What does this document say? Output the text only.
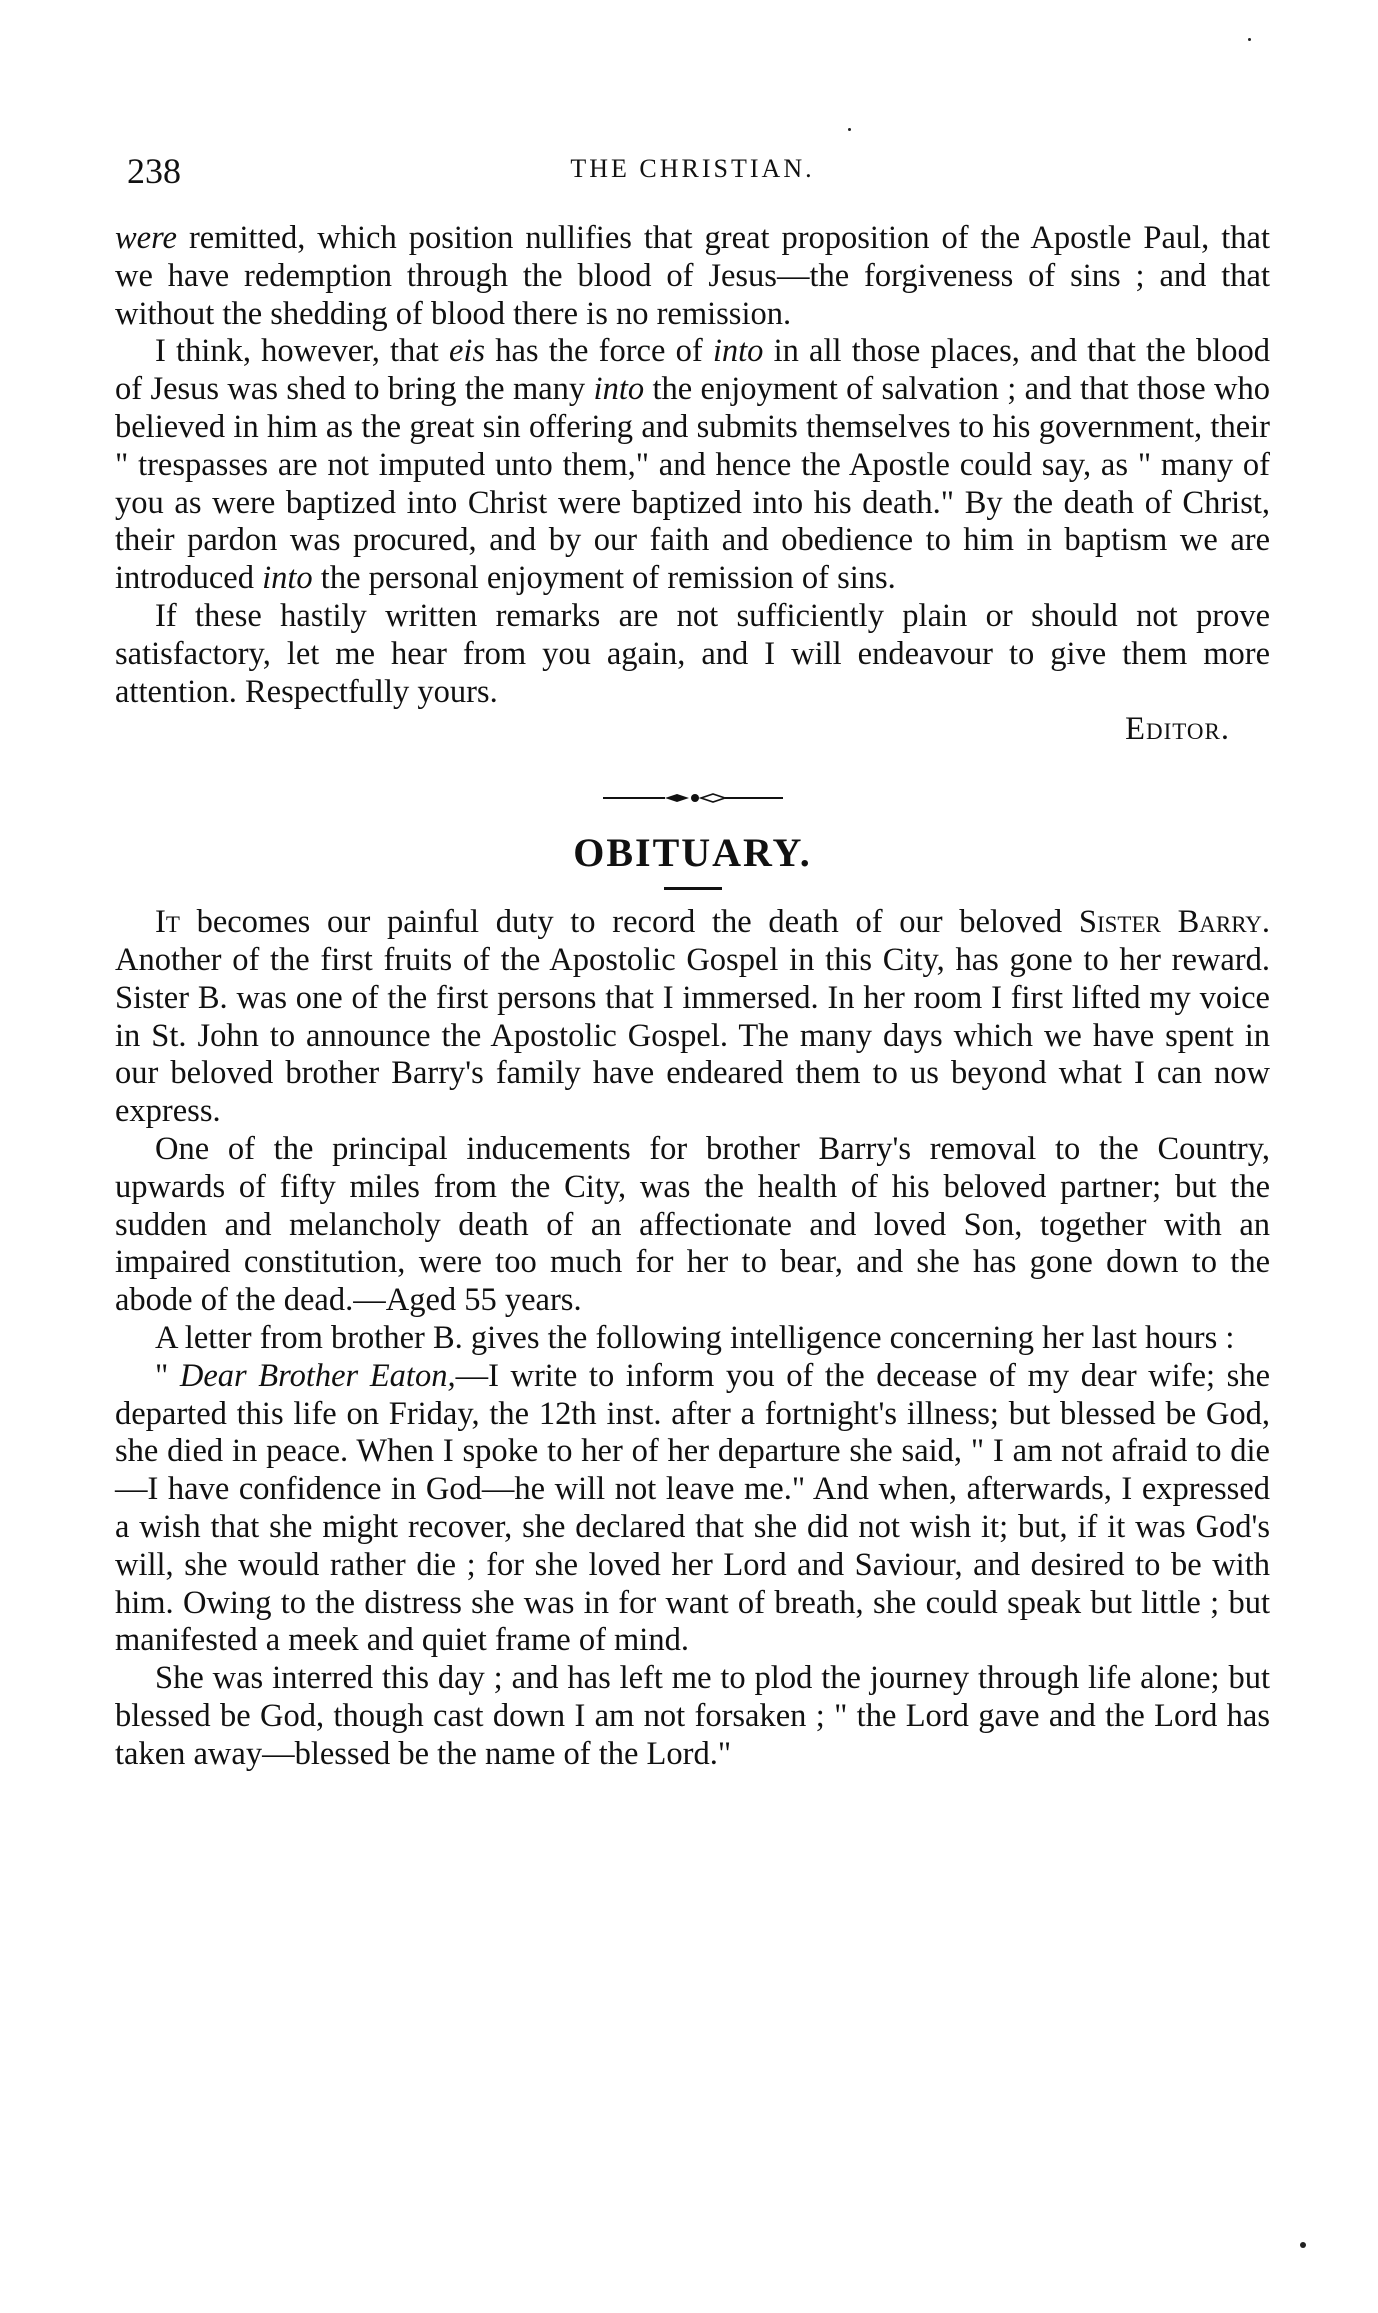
238	THE CHRISTIAN.

were remitted, which position nullifies that great proposition of the Apostle Paul, that we have redemption through the blood of Jesus—the forgiveness of sins ; and that without the shedding of blood there is no remission.

I think, however, that eis has the force of into in all those places, and that the blood of Jesus was shed to bring the many into the enjoyment of salvation ; and that those who believed in him as the great sin offering and submits themselves to his government, their " trespasses are not imputed unto them," and hence the Apostle could say, as " many of you as were baptized into Christ were baptized into his death." By the death of Christ, their pardon was procured, and by our faith and obedience to him in baptism we are introduced into the personal enjoyment of remission of sins.

If these hastily written remarks are not sufficiently plain or should not prove satisfactory, let me hear from you again, and I will endeavour to give them more attention. Respectfully yours.

Editor.
OBITUARY.

It becomes our painful duty to record the death of our beloved Sister Barry. Another of the first fruits of the Apostolic Gospel in this City, has gone to her reward. Sister B. was one of the first persons that I immersed. In her room I first lifted my voice in St. John to announce the Apostolic Gospel. The many days which we have spent in our beloved brother Barry's family have endeared them to us beyond what I can now express.

One of the principal inducements for brother Barry's removal to the Country, upwards of fifty miles from the City, was the health of his beloved partner; but the sudden and melancholy death of an affectionate and loved Son, together with an impaired constitution, were too much for her to bear, and she has gone down to the abode of the dead.—Aged 55 years.

A letter from brother B. gives the following intelligence concerning her last hours :

" Dear Brother Eaton,—I write to inform you of the decease of my dear wife; she departed this life on Friday, the 12th inst. after a fortnight's illness; but blessed be God, she died in peace. When I spoke to her of her departure she said, " I am not afraid to die—I have confidence in God—he will not leave me." And when, afterwards, I expressed a wish that she might recover, she declared that she did not wish it; but, if it was God's will, she would rather die ; for she loved her Lord and Saviour, and desired to be with him. Owing to the distress she was in for want of breath, she could speak but little ; but manifested a meek and quiet frame of mind.

She was interred this day ; and has left me to plod the journey through life alone; but blessed be God, though cast down I am not forsaken ; " the Lord gave and the Lord has taken away—blessed be the name of the Lord."
